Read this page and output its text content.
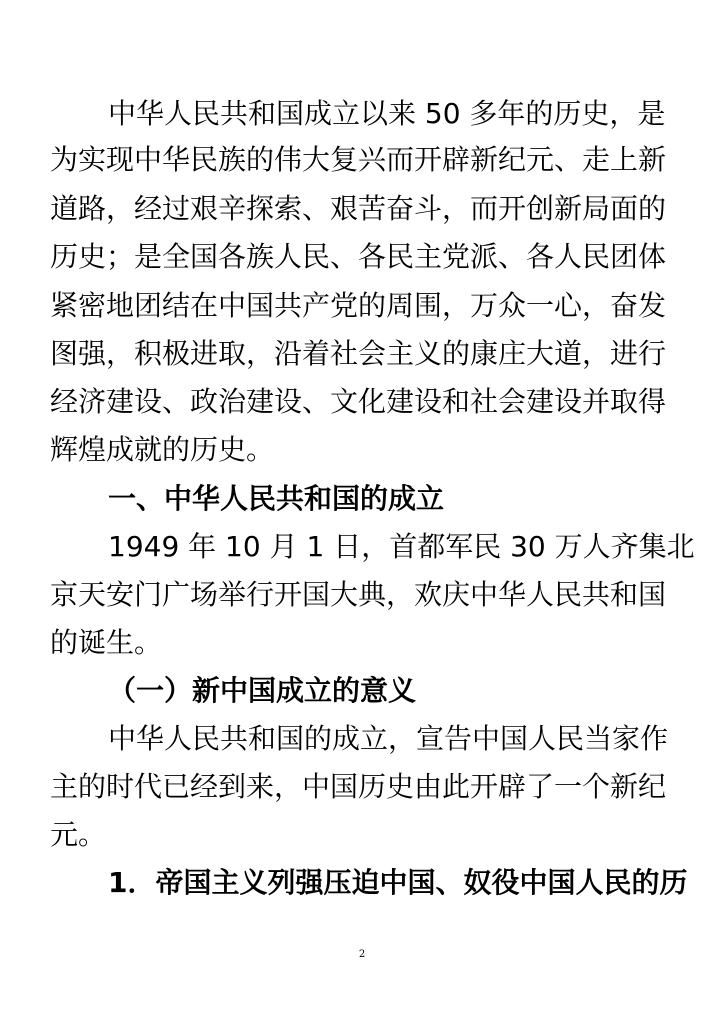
中华人民共和国成立以来 50 多年的历史，是
为实现中华民族的伟大复兴而开辟新纪元、走上新
道路，经过艰辛探索、艰苦奋斗，而开创新局面的
历史；是全国各族人民、各民主党派、各人民团体
紧密地团结在中国共产党的周围，万众一心，奋发
图强，积极进取，沿着社会主义的康庄大道，进行
经济建设、政治建设、文化建设和社会建设并取得
辉煌成就的历史。
一、中华人民共和国的成立
1949 年 10 月 1 日，首都军民 30 万人齐集北
京天安门广场举行开国大典，欢庆中华人民共和国
的诞生。
（一）新中国成立的意义
中华人民共和国的成立，宣告中国人民当家作
主的时代已经到来，中国历史由此开辟了一个新纪
元。
1．帝国主义列强压迫中国、奴役中国人民的历
2
